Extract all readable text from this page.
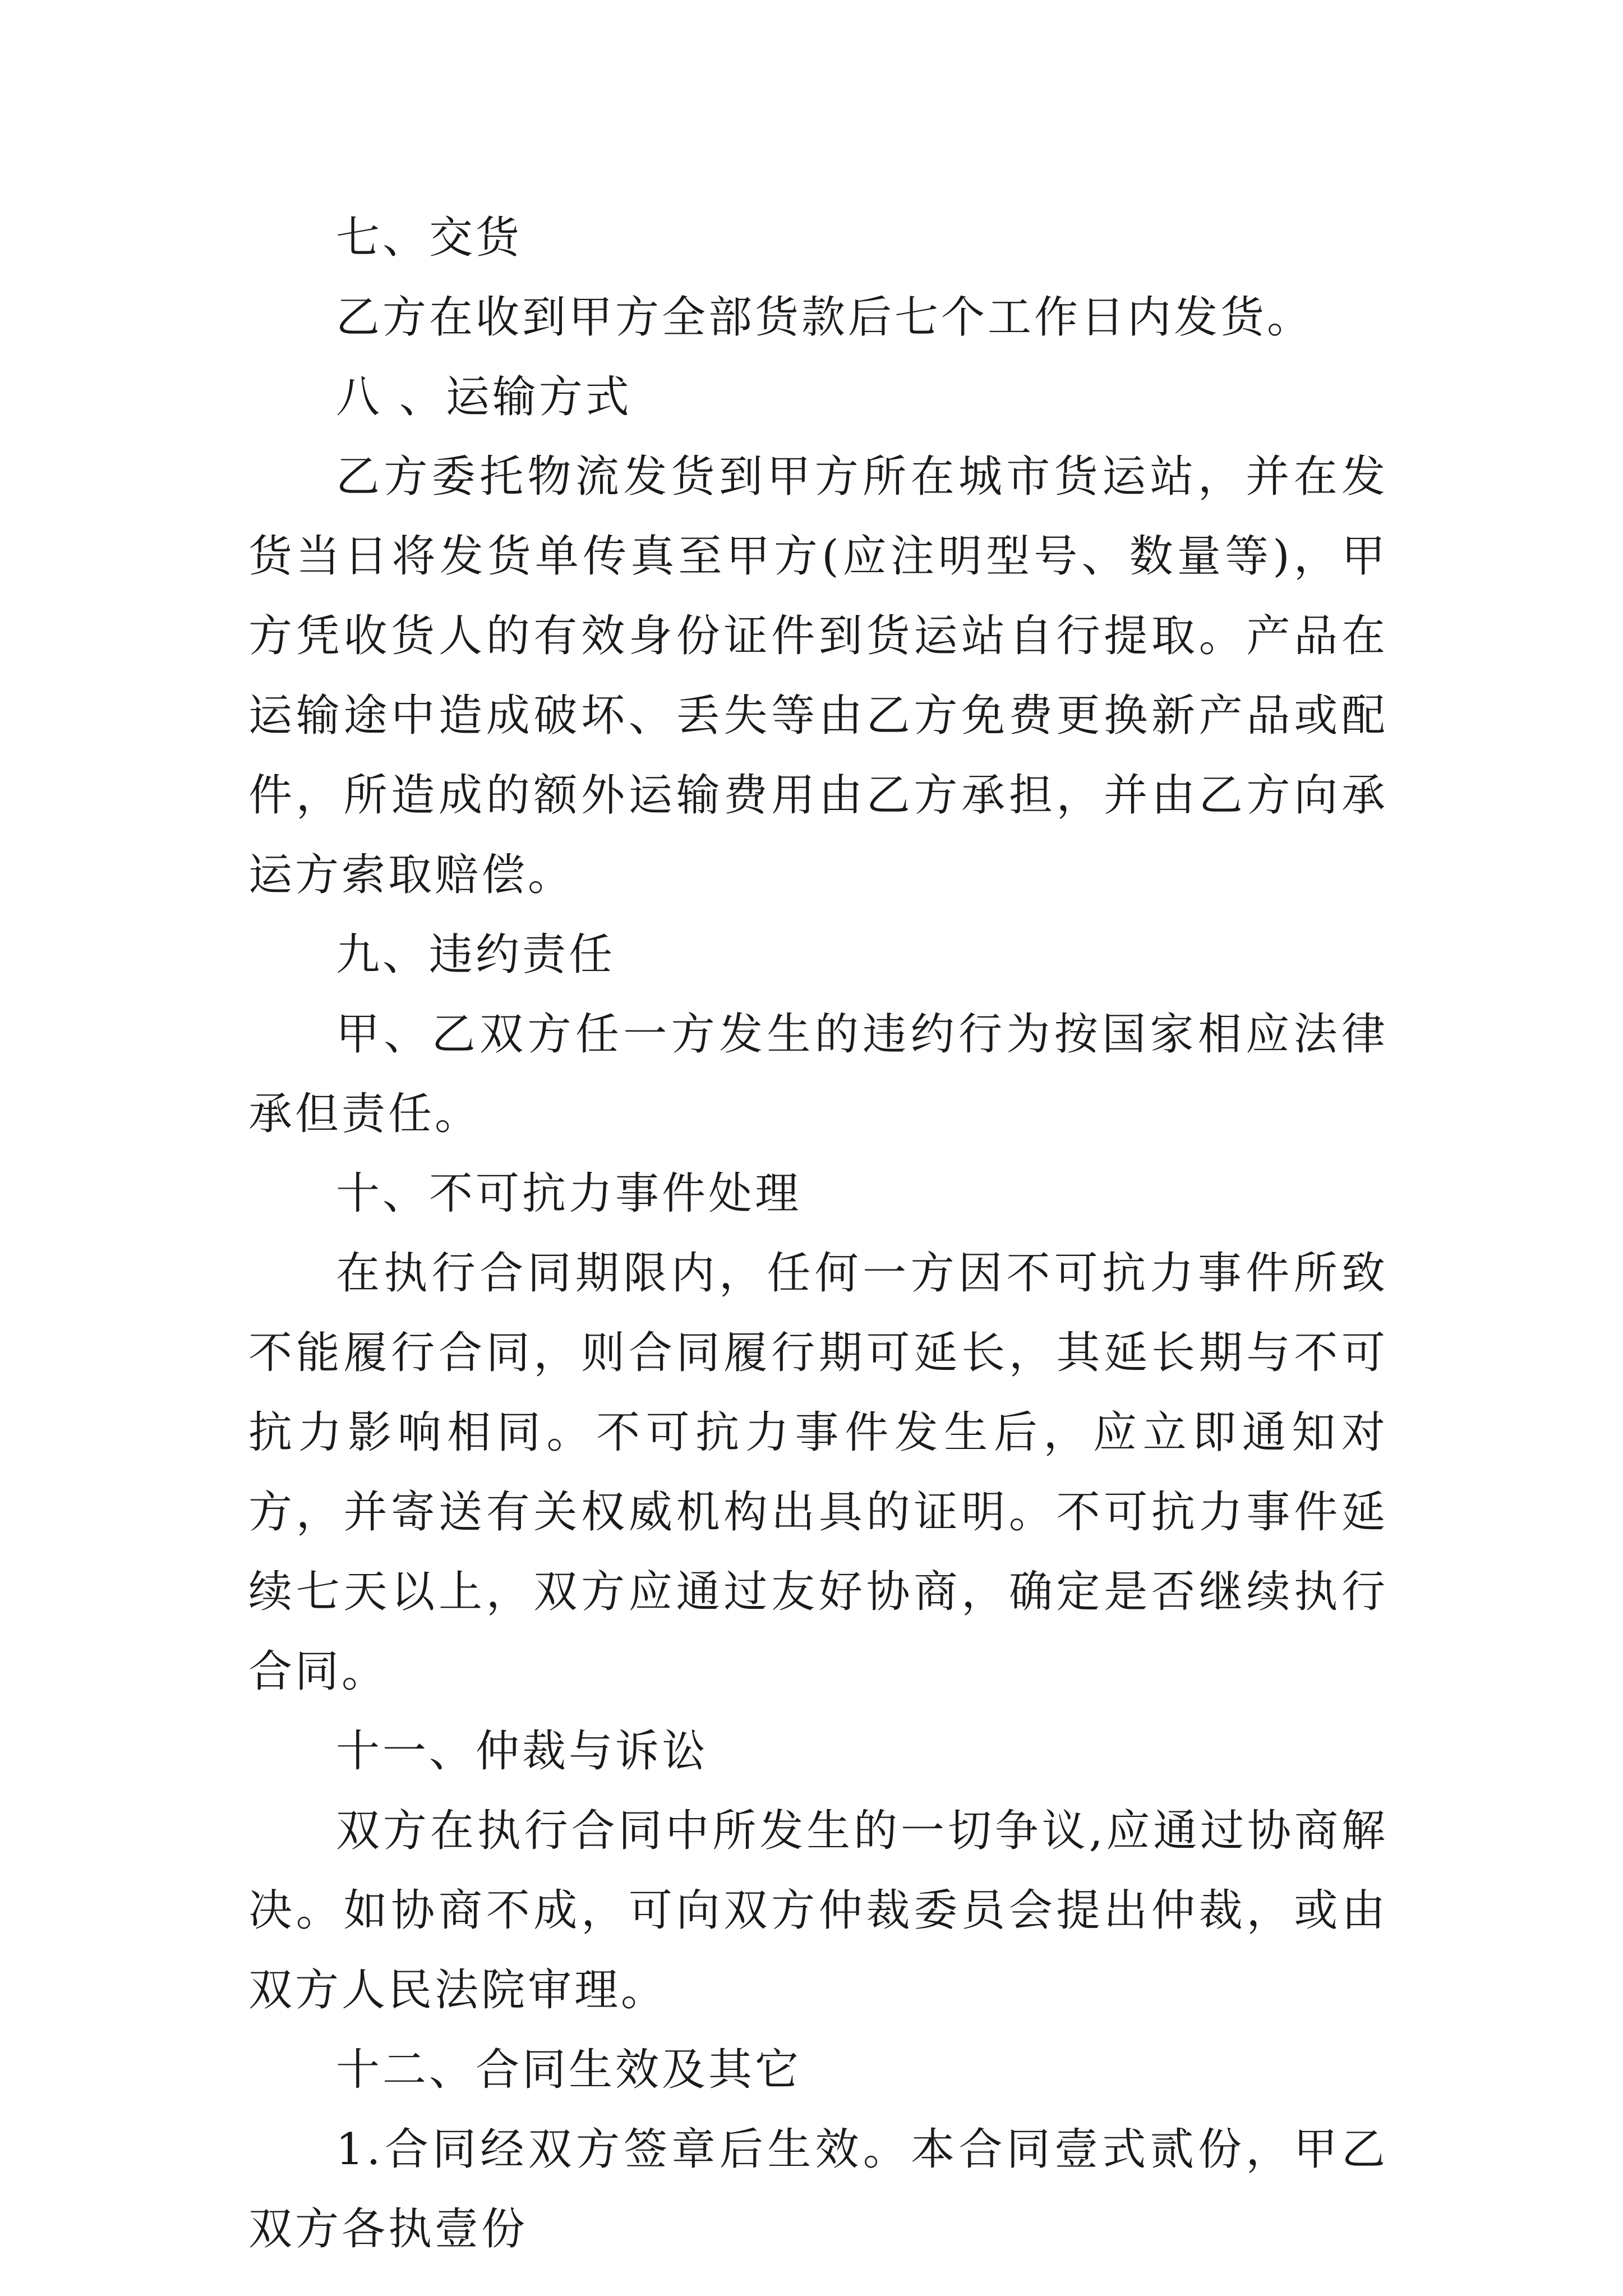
七、交货

乙方在收到甲方全部货款后七个工作日内发货。

八 、运输方式

乙方委托物流发货到甲方所在城市货运站，并在发货当日将发货单传真至甲方(应注明型号、数量等)，甲方凭收货人的有效身份证件到货运站自行提取。产品在运输途中造成破坏、丢失等由乙方免费更换新产品或配件，所造成的额外运输费用由乙方承担，并由乙方向承运方索取赔偿。

九、违约责任

甲、乙双方任一方发生的违约行为按国家相应法律承但责任。

十、不可抗力事件处理

在执行合同期限内，任何一方因不可抗力事件所致不能履行合同，则合同履行期可延长，其延长期与不可抗力影响相同。不可抗力事件发生后，应立即通知对方，并寄送有关权威机构出具的证明。不可抗力事件延续七天以上，双方应通过友好协商，确定是否继续执行合同。

十一、仲裁与诉讼

双方在执行合同中所发生的一切争议,应通过协商解决。如协商不成，可向双方仲裁委员会提出仲裁，或由双方人民法院审理。

十二、合同生效及其它

1.合同经双方签章后生效。本合同壹式贰份，甲乙双方各执壹份
